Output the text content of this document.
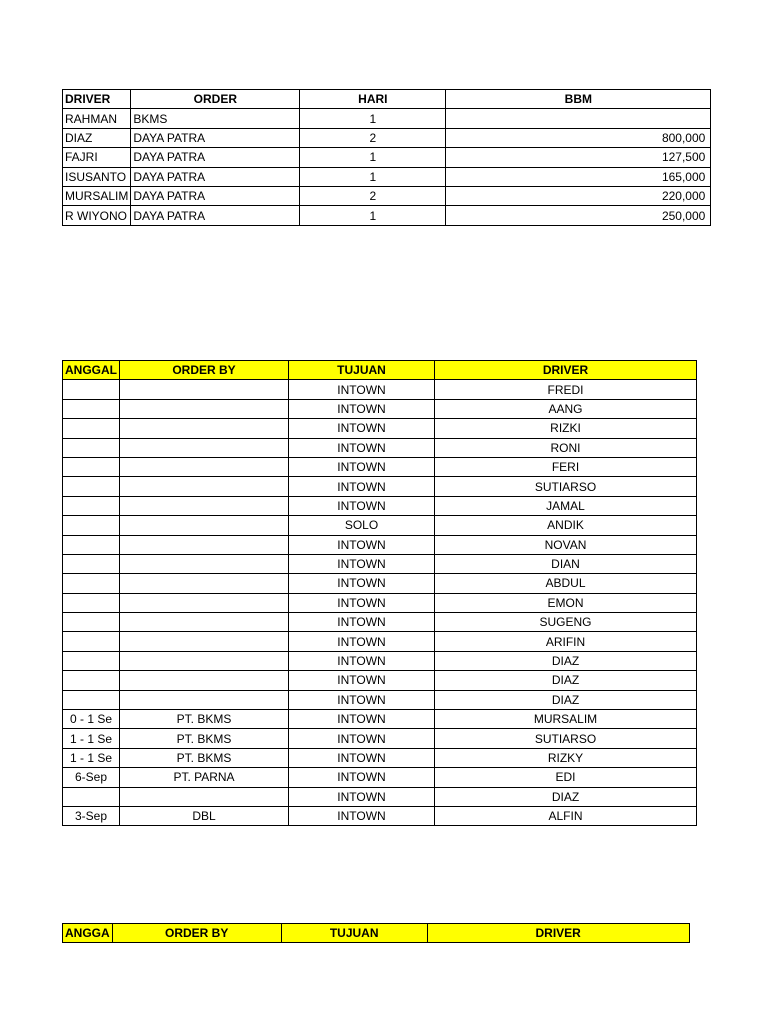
DRIVER	ORDER	HARI	BBM
RAHMAN	BKMS	1	
DIAZ	DAYA PATRA	2	800,000
FAJRI	DAYA PATRA	1	127,500
ISUSANTO	DAYA PATRA	1	165,000
MURSALIM	DAYA PATRA	2	220,000
R WIYONO	DAYA PATRA	1	250,000
ANGGAL	ORDER BY	TUJUAN	DRIVER
		INTOWN	FREDI
		INTOWN	AANG
		INTOWN	RIZKI
		INTOWN	RONI
		INTOWN	FERI
		INTOWN	SUTIARSO
		INTOWN	JAMAL
		SOLO	ANDIK
		INTOWN	NOVAN
		INTOWN	DIAN
		INTOWN	ABDUL
		INTOWN	EMON
		INTOWN	SUGENG
		INTOWN	ARIFIN
		INTOWN	DIAZ
		INTOWN	DIAZ
		INTOWN	DIAZ
0 - 1 Se	PT. BKMS	INTOWN	MURSALIM
1 - 1 Se	PT. BKMS	INTOWN	SUTIARSO
1 - 1 Se	PT. BKMS	INTOWN	RIZKY
6-Sep	PT. PARNA	INTOWN	EDI
		INTOWN	DIAZ
3-Sep	DBL	INTOWN	ALFIN
ANGGA	ORDER BY	TUJUAN	DRIVER
